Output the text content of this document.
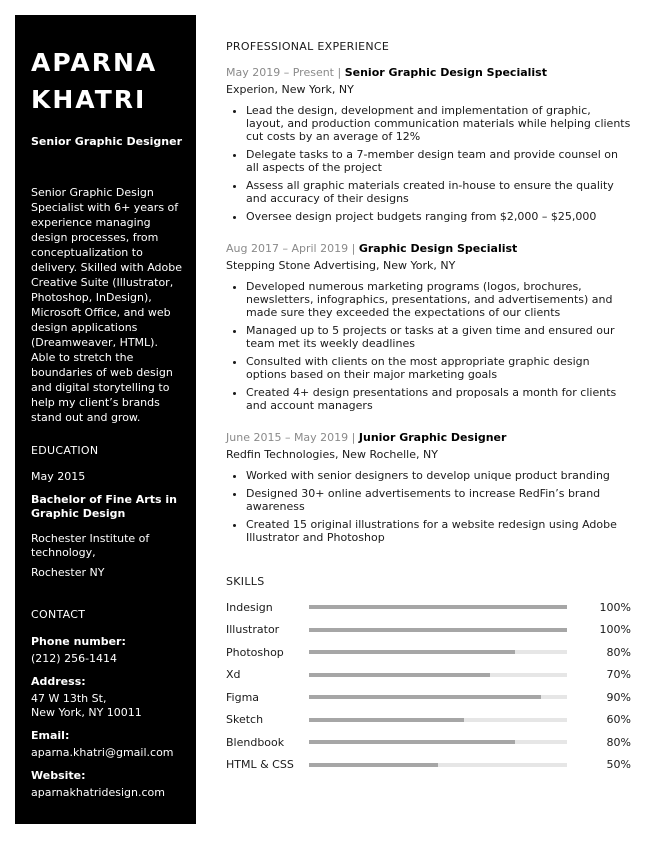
APARNA
KHATRI
Senior Graphic Designer
Senior Graphic Design Specialist with 6+ years of experience managing design processes, from conceptualization to delivery. Skilled with Adobe Creative Suite (Illustrator, Photoshop, InDesign), Microsoft Office, and web design applications (Dreamweaver, HTML). Able to stretch the boundaries of web design and digital storytelling to help my client’s brands stand out and grow.
EDUCATION
May 2015
Bachelor of Fine Arts in Graphic Design
Rochester Institute of technology,
Rochester NY
CONTACT
Phone number:
(212) 256-1414
Address:
47 W 13th St,
New York, NY 10011
Email:
aparna.khatri@gmail.com
Website:
aparnakhatridesign.com
PROFESSIONAL EXPERIENCE
May 2019 – Present | Senior Graphic Design Specialist
Experion, New York, NY
• Lead the design, development and implementation of graphic, layout, and production communication materials while helping clients cut costs by an average of 12%
• Delegate tasks to a 7-member design team and provide counsel on all aspects of the project
• Assess all graphic materials created in-house to ensure the quality and accuracy of their designs
• Oversee design project budgets ranging from $2,000 – $25,000
Aug 2017 – April 2019 | Graphic Design Specialist
Stepping Stone Advertising, New York, NY
• Developed numerous marketing programs (logos, brochures, newsletters, infographics, presentations, and advertisements) and made sure they exceeded the expectations of our clients
• Managed up to 5 projects or tasks at a given time and ensured our team met its weekly deadlines
• Consulted with clients on the most appropriate graphic design options based on their major marketing goals
• Created 4+ design presentations and proposals a month for clients and account managers
June 2015 – May 2019 | Junior Graphic Designer
Redfin Technologies, New Rochelle, NY
• Worked with senior designers to develop unique product branding
• Designed 30+ online advertisements to increase RedFin’s brand awareness
• Created 15 original illustrations for a website redesign using Adobe Illustrator and Photoshop
SKILLS
Indesign	100%
Illustrator	100%
Photoshop	80%
Xd	70%
Figma	90%
Sketch	60%
Blendbook	80%
HTML & CSS	50%
